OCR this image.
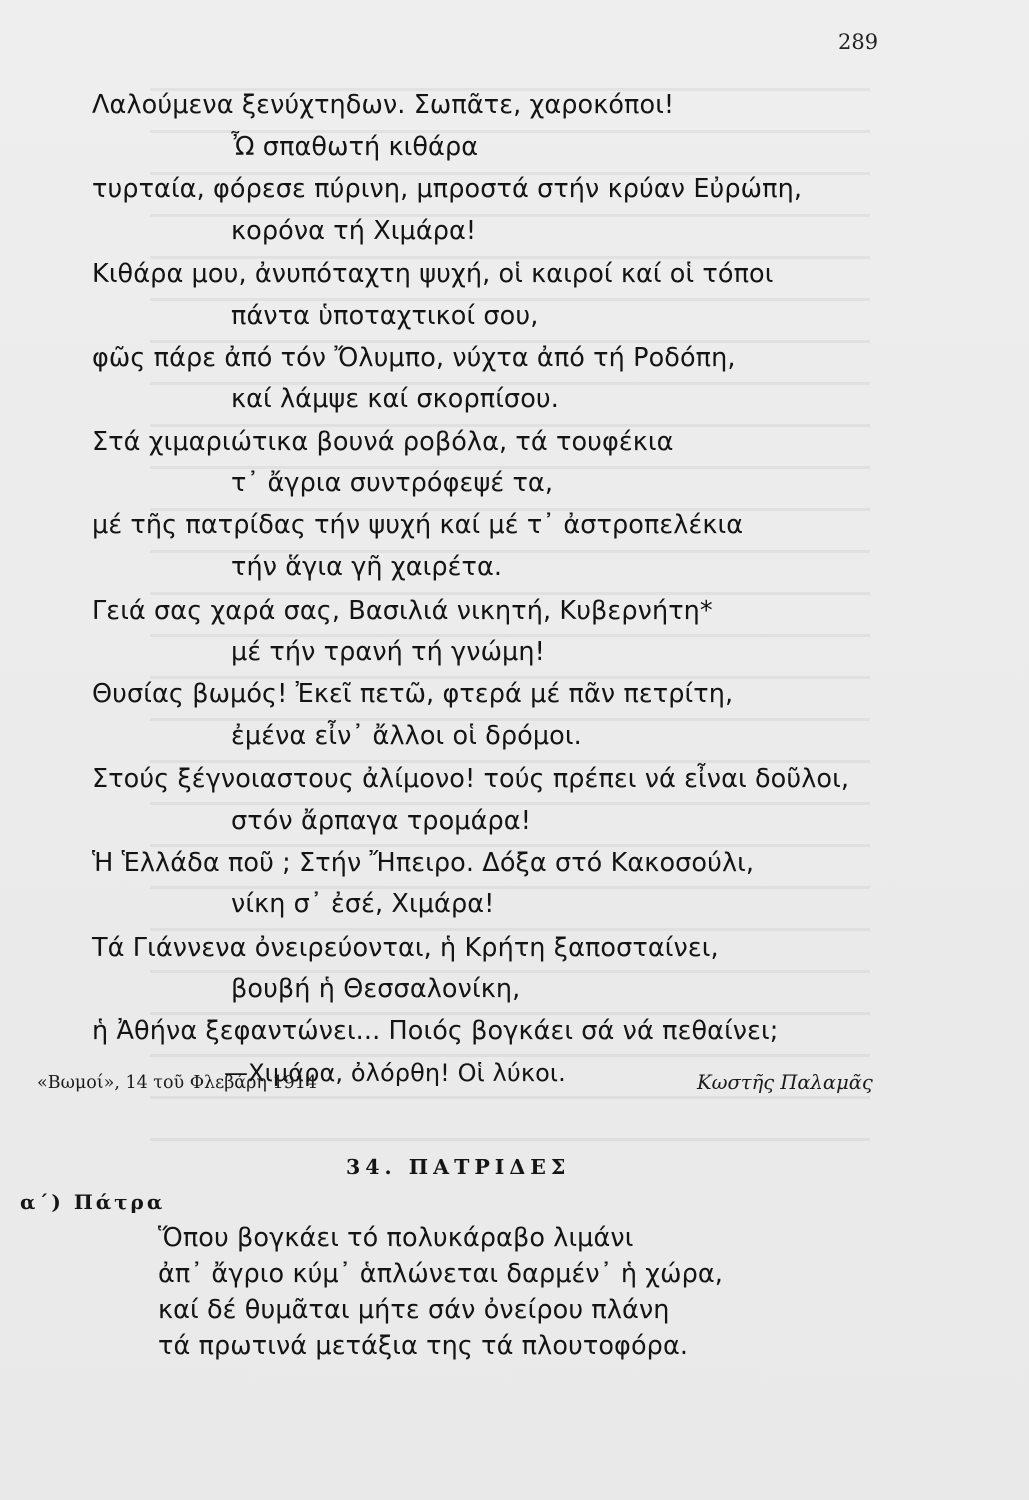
289
Λαλούμενα ξενύχτηδων. Σωπᾶτε, χαροκόποι!
Ὦ σπαθωτή κιθάρα
τυρταία, φόρεσε πύρινη, μπροστά στήν κρύαν Εὐρώπη,
κορόνα τή Χιμάρα!
Κιθάρα μου, ἀνυπόταχτη ψυχή, οἱ καιροί καί οἱ τόποι
πάντα ὑποταχτικοί σου,
φῶς πάρε ἀπό τόν Ὄλυμπο, νύχτα ἀπό τή Ροδόπη,
καί λάμψε καί σκορπίσου.
Στά χιμαριώτικα βουνά ροβόλα, τά τουφέκια
τ᾿ ἄγρια συντρόφεψέ τα,
μέ τῆς πατρίδας τήν ψυχή καί μέ τ᾿ ἀστροπελέκια
τήν ἅγια γῆ χαιρέτα.
Γειά σας χαρά σας, Βασιλιά νικητή, Κυβερνήτη*
μέ τήν τρανή τή γνώμη!
Θυσίας βωμός! Ἐκεῖ πετῶ, φτερά μέ πᾶν πετρίτη,
ἐμένα εἶν᾿ ἄλλοι οἱ δρόμοι.
Στούς ξέγνοιαστους ἀλίμονο! τούς πρέπει νά εἶναι δοῦλοι,
στόν ἄρπαγα τρομάρα!
Ἡ Ἑλλάδα ποῦ ; Στήν Ἤπειρο. Δόξα στό Κακοσούλι,
νίκη σ᾿ ἐσέ, Χιμάρα!
Τά Γιάννενα ὀνειρεύονται, ἡ Κρήτη ξαποσταίνει,
βουβή ἡ Θεσσαλονίκη,
ἡ Ἀθήνα ξεφαντώνει... Ποιός βογκάει σά νά πεθαίνει;
—Χιμάρα, ὀλόρθη! Οἱ λύκοι.
«Βωμοί», 14 τοῦ Φλεβάρη 1914	Κωστῆς Παλαμᾶς
34. ΠΑΤΡΙΔΕΣ
α΄) Πάτρα
Ὅπου βογκάει τό πολυκάραβο λιμάνι
ἀπ᾿ ἄγριο κύμ᾿ ἁπλώνεται δαρμέν᾿ ἡ χώρα,
καί δέ θυμᾶται μήτε σάν ὀνείρου πλάνη
τά πρωτινά μετάξια της τά πλουτοφόρα.
